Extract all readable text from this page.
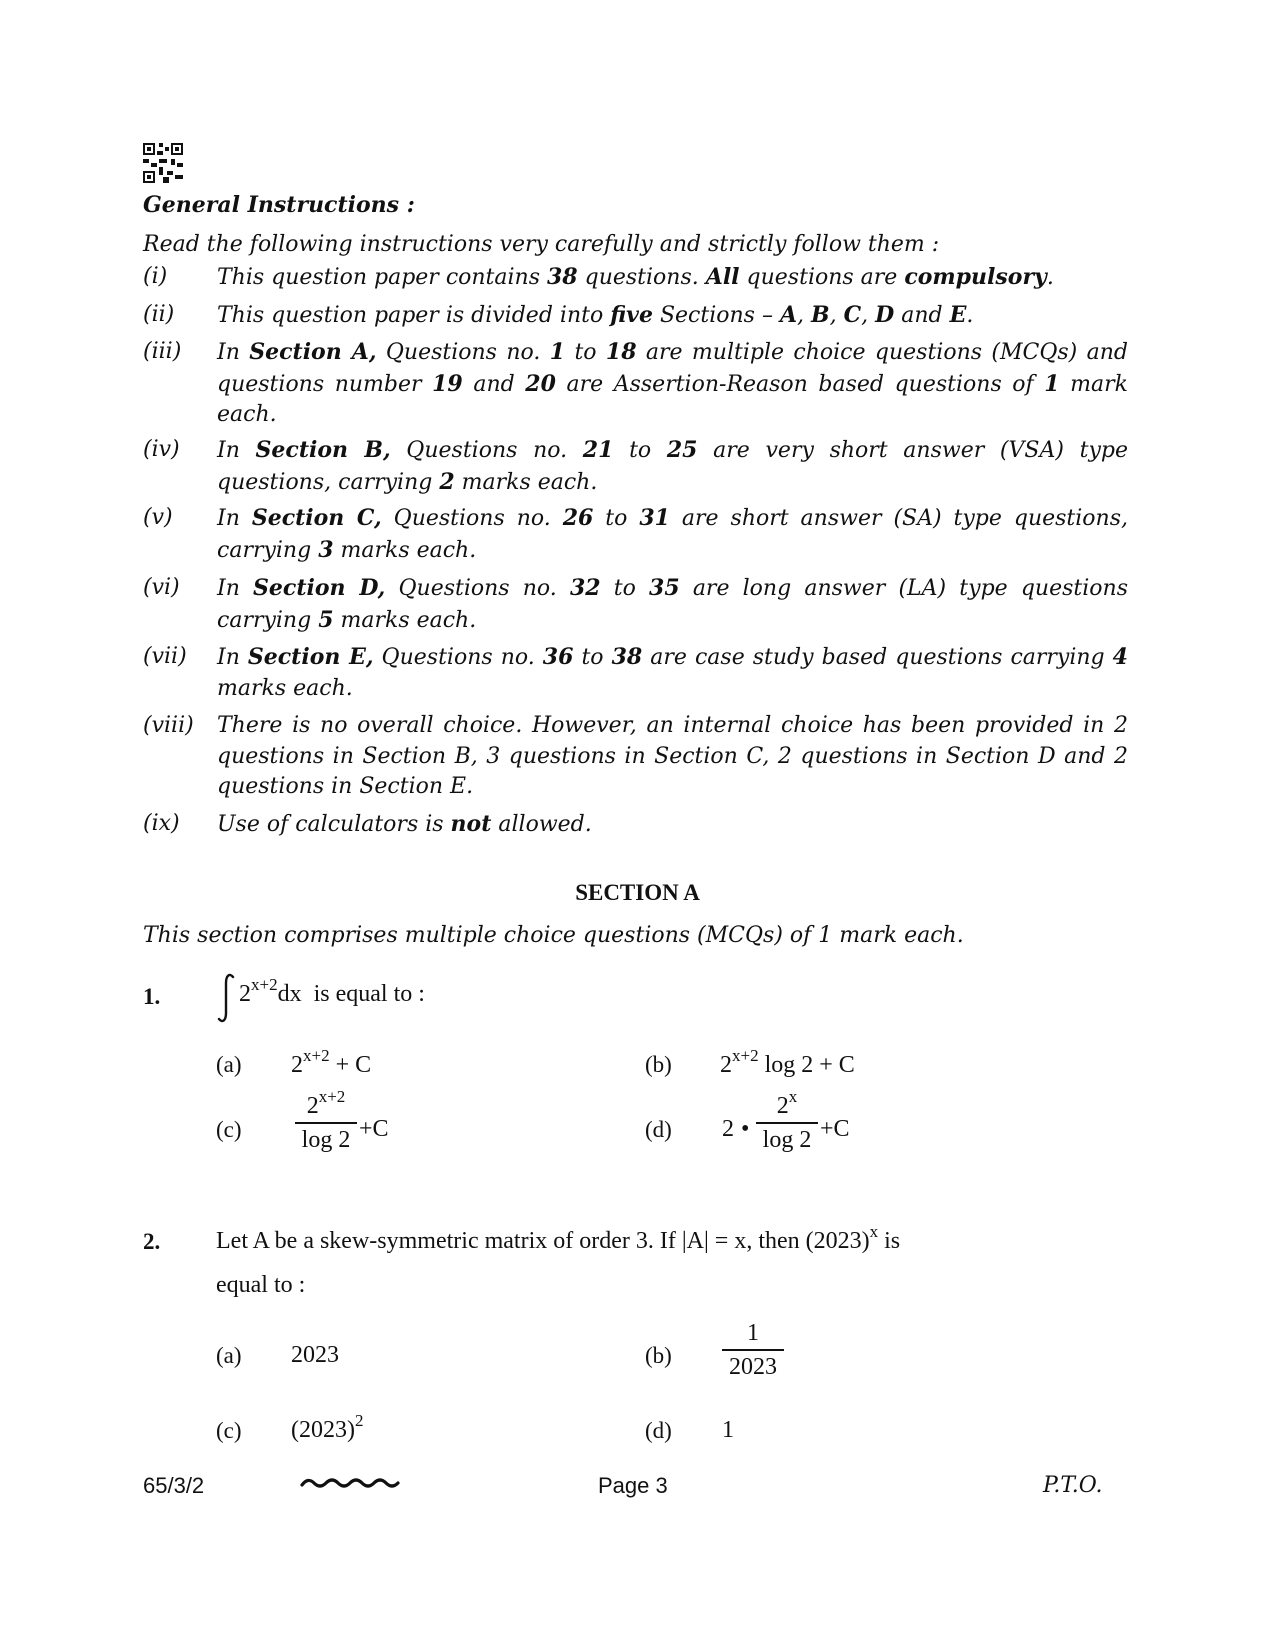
General Instructions :
Read the following instructions very carefully and strictly follow them :
(i) This question paper contains 38 questions. All questions are compulsory.
(ii) This question paper is divided into five Sections – A, B, C, D and E.
(iii) In Section A, Questions no. 1 to 18 are multiple choice questions (MCQs) and questions number 19 and 20 are Assertion-Reason based questions of 1 mark each.
(iv) In Section B, Questions no. 21 to 25 are very short answer (VSA) type questions, carrying 2 marks each.
(v) In Section C, Questions no. 26 to 31 are short answer (SA) type questions, carrying 3 marks each.
(vi) In Section D, Questions no. 32 to 35 are long answer (LA) type questions carrying 5 marks each.
(vii) In Section E, Questions no. 36 to 38 are case study based questions carrying 4 marks each.
(viii) There is no overall choice. However, an internal choice has been provided in 2 questions in Section B, 3 questions in Section C, 2 questions in Section D and 2 questions in Section E.
(ix) Use of calculators is not allowed.
SECTION A
This section comprises multiple choice questions (MCQs) of 1 mark each.
1.	$2^{x+2}dx$ is equal to :
(a) $2^{x+2} + C$	(b) $2^{x+2}$ log 2 + C
(c)
$2^{x+2}$
log 2 +C	(d) 2 •
2$^x$
log 2 +C
2. Let A be a skew-symmetric matrix of order 3. If |A| = x, then $(2023)^x$ is
equal to :
(a) 2023	(b)
1
2023
(c) $(2023)^2$	(d) 1
65/3/2	Page 3	P.T.O.
